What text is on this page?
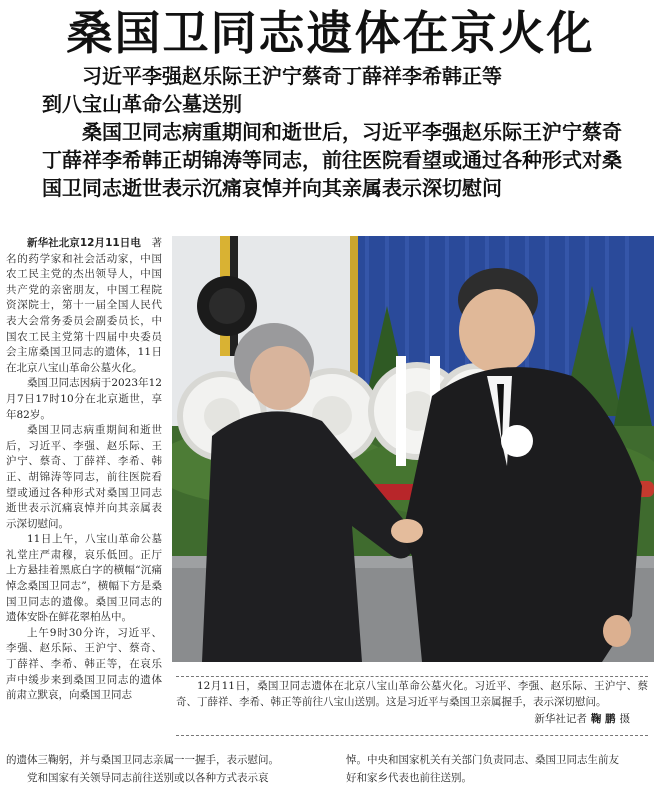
桑国卫同志遗体在京火化

习近平李强赵乐际王沪宁蔡奇丁薛祥李希韩正等

到八宝山革命公墓送别

桑国卫同志病重期间和逝世后，习近平李强赵乐际王沪宁蔡奇丁薛祥李希韩正胡锦涛等同志，前往医院看望或通过各种形式对桑国卫同志逝世表示沉痛哀悼并向其亲属表示深切慰问

新华社北京12月11日电　 著名的药学家和社会活动家，中国农工民主党的杰出领导人，中国共产党的亲密朋友，中国工程院资深院士，第十一届全国人民代表大会常务委员会副委员长，中国农工民主党第十四届中央委员会主席桑国卫同志的遗体，11日在北京八宝山革命公墓火化。

桑国卫同志因病于2023年12月7日17时10分在北京逝世，享年82岁。

桑国卫同志病重期间和逝世后，习近平、李强、赵乐际、王沪宁、蔡奇、丁薛祥、李希、韩正、胡锦涛等同志，前往医院看望或通过各种形式对桑国卫同志逝世表示沉痛哀悼并向其亲属表示深切慰问。

11日上午，八宝山革命公墓礼堂庄严肃穆，哀乐低回。正厅上方悬挂着黑底白字的横幅“沉痛悼念桑国卫同志”，横幅下方是桑国卫同志的遗像。桑国卫同志的遗体安卧在鲜花翠柏丛中。

上午9时30分许，习近平、李强、赵乐际、王沪宁、蔡奇、丁薛祥、李希、韩正等，在哀乐声中缓步来到桑国卫同志的遗体前肃立默哀，向桑国卫同志

12月11日，桑国卫同志遗体在北京八宝山革命公墓火化。习近平、李强、赵乐际、王沪宁、蔡奇、丁薛祥、李希、韩正等前往八宝山送别。这是习近平与桑国卫亲属握手，表示深切慰问。
新华社记者 鞠 鹏 摄
的遗体三鞠躬，并与桑国卫同志亲属一一握手，表示慰问。	悼。中央和国家机关有关部门负责同志、桑国卫同志生前友
党和国家有关领导同志前往送别或以各种方式表示哀	好和家乡代表也前往送别。
